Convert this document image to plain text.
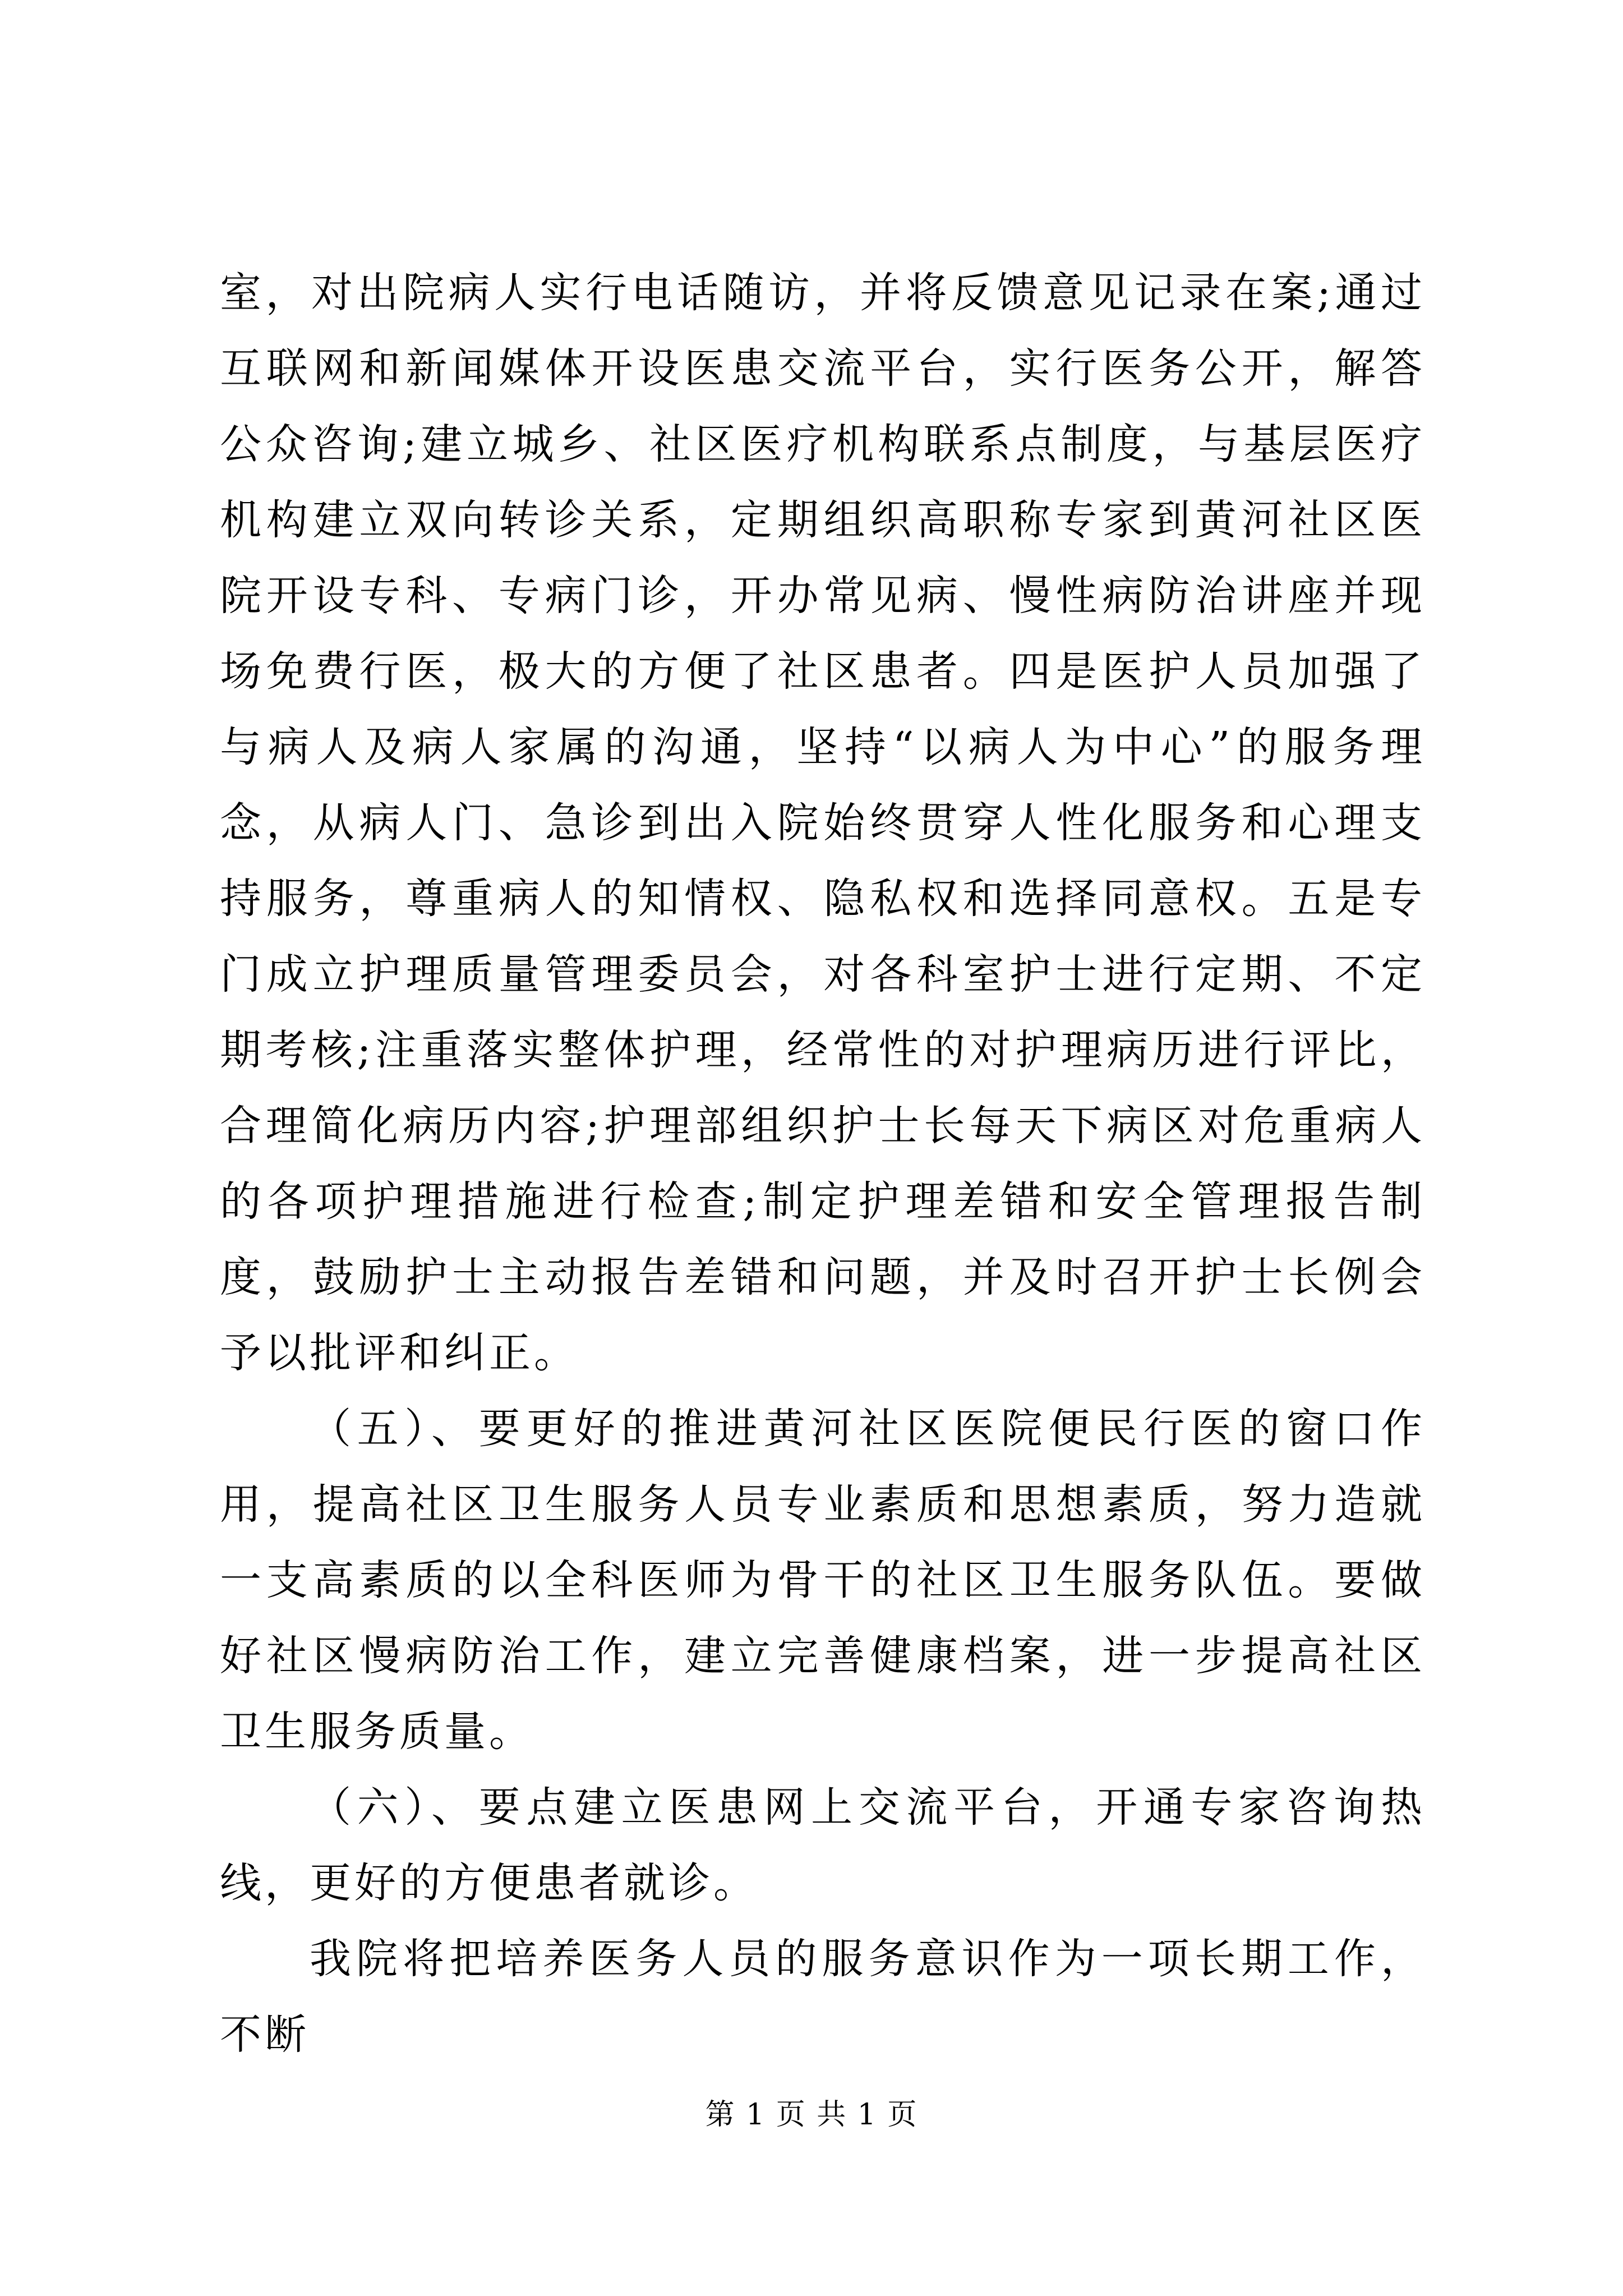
室，对出院病人实行电话随访，并将反馈意见记录在案;通过互联网和新闻媒体开设医患交流平台，实行医务公开，解答公众咨询;建立城乡、社区医疗机构联系点制度，与基层医疗机构建立双向转诊关系，定期组织高职称专家到黄河社区医院开设专科、专病门诊，开办常见病、慢性病防治讲座并现场免费行医，极大的方便了社区患者。四是医护人员加强了与病人及病人家属的沟通，坚持“以病人为中心”的服务理念，从病人门、急诊到出入院始终贯穿人性化服务和心理支持服务，尊重病人的知情权、隐私权和选择同意权。五是专门成立护理质量管理委员会，对各科室护士进行定期、不定期考核;注重落实整体护理，经常性的对护理病历进行评比，合理简化病历内容;护理部组织护士长每天下病区对危重病人的各项护理措施进行检查;制定护理差错和安全管理报告制度，鼓励护士主动报告差错和问题，并及时召开护士长例会予以批评和纠正。

（五）、要更好的推进黄河社区医院便民行医的窗口作用，提高社区卫生服务人员专业素质和思想素质，努力造就一支高素质的以全科医师为骨干的社区卫生服务队伍。要做好社区慢病防治工作，建立完善健康档案，进一步提高社区卫生服务质量。

（六）、要点建立医患网上交流平台，开通专家咨询热线，更好的方便患者就诊。

我院将把培养医务人员的服务意识作为一项长期工作，不断

第 1 页 共 1 页
